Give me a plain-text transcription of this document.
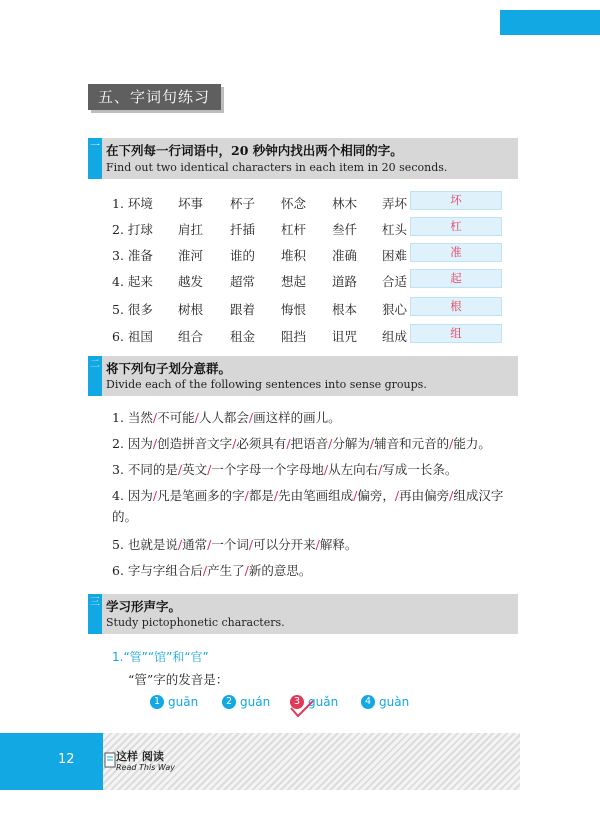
五、字词句练习
一 在下列每一行词语中，20 秒钟内找出两个相同的字。
Find out two identical characters in each item in 20 seconds.
1. 环境 坏事 杯子 怀念 林木 弄坏	坏
2. 打球 肩扛 扦插 杠杆 叁仟 杠头	杠
3. 准备 淮河 谁的 堆积 准确 困难	准
4. 起来 越发 超常 想起 道路 合适	起
5. 很多 树根 跟着 悔恨 根本 狠心	根
6. 祖国 组合 租金 阻挡 诅咒 组成	组
二 将下列句子划分意群。
Divide each of the following sentences into sense groups.
1. 当然/不可能/人人都会/画这样的画儿。
2. 因为/创造拼音文字/必须具有/把语音/分解为/辅音和元音的/能力。
3. 不同的是/英文/一个字母一个字母地/从左向右/写成一长条。
4. 因为/凡是笔画多的字/都是/先由笔画组成/偏旁，/再由偏旁/组成汉字的。
5. 也就是说/通常/一个词/可以分开来/解释。
6. 字与字组合后/产生了/新的意思。
三 学习形声字。
Study pictophonetic characters.
1.“管”“馆”和“官”
“管”字的发音是：
1 guān	2 guán	3 guǎn	4 guàn
12	这样 阅读
Read This Way
